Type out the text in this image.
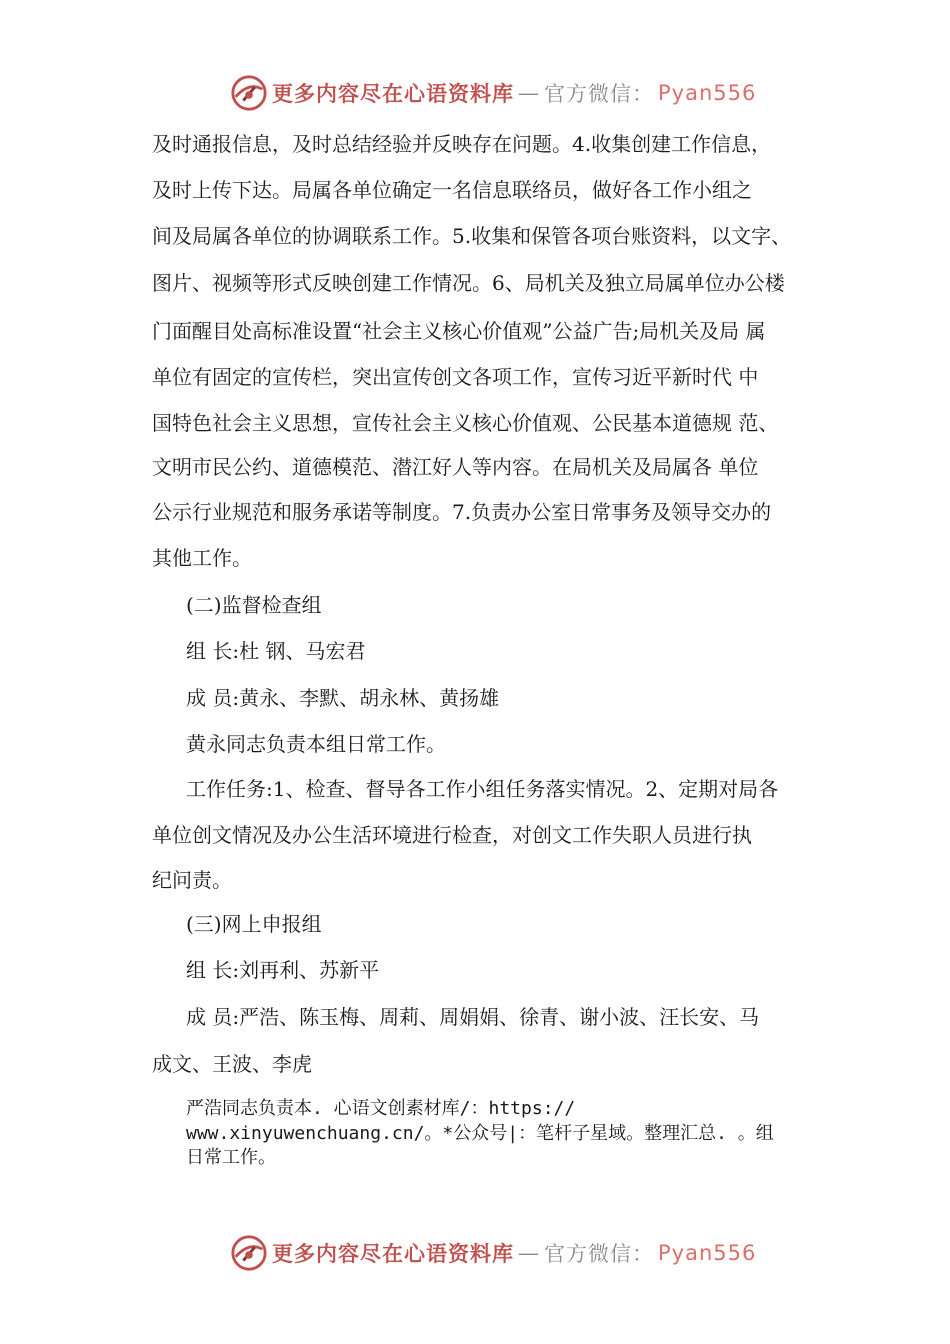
更多内容尽在心语资料库 — 官方微信： Pyan556
及时通报信息，及时总结经验并反映存在问题。4.收集创建工作信息，
及时上传下达。局属各单位确定一名信息联络员，做好各工作小组之
间及局属各单位的协调联系工作。5.收集和保管各项台账资料，以文字、
图片、视频等形式反映创建工作情况。6、局机关及独立局属单位办公楼
门面醒目处高标准设置“社会主义核心价值观”公益广告;局机关及局 属
单位有固定的宣传栏，突出宣传创文各项工作，宣传习近平新时代 中
国特色社会主义思想，宣传社会主义核心价值观、公民基本道德规 范、
文明市民公约、道德模范、潜江好人等内容。在局机关及局属各 单位
公示行业规范和服务承诺等制度。7.负责办公室日常事务及领导交办的
其他工作。
(二)监督检查组
组 长:杜 钢、马宏君
成 员:黄永、李默、胡永林、黄扬雄
黄永同志负责本组日常工作。
工作任务:1、检查、督导各工作小组任务落实情况。2、定期对局各
单位创文情况及办公生活环境进行检查，对创文工作失职人员进行执
纪问责。
(三)网上申报组
组 长:刘再利、苏新平
成 员:严浩、陈玉梅、周莉、周娟娟、徐青、谢小波、汪长安、马
成文、王波、李虎
严浩同志负责本. 心语文创素材库/：https://
www.xinyuwenchuang.cn/。*公众号|：笔杆子星域。整理汇总. 。组
日常工作。
更多内容尽在心语资料库 — 官方微信： Pyan556
